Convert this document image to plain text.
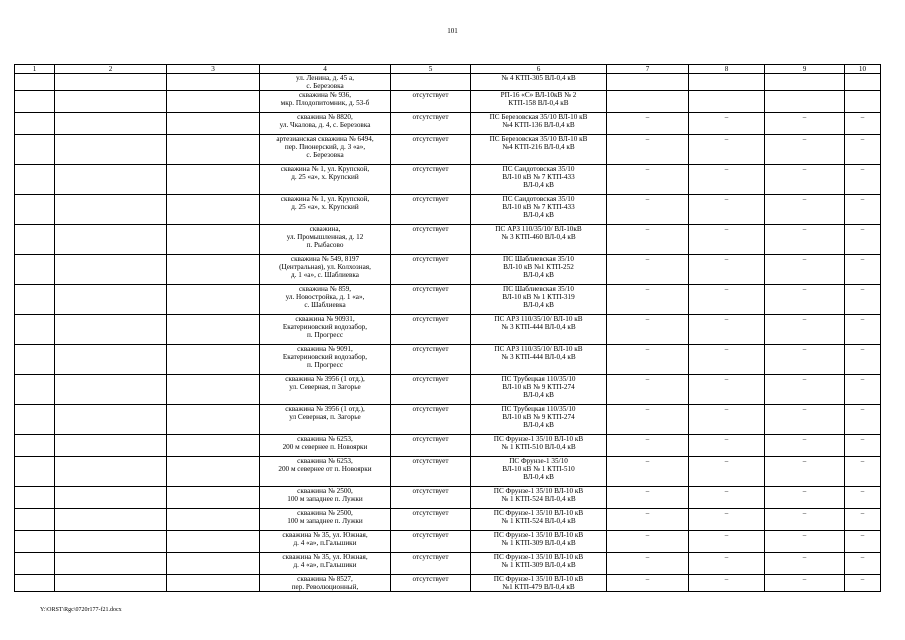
101
1	2	3	4	5	6	7	8	9	10
			ул. Ленина, д. 45 а,
с. Березовка		№ 4 КТП-305 ВЛ-0,4 кВ				
			скважина № 936,
мкр. Плодопитомник, д. 53-б	отсутствует	РП-16 «С» ВЛ-10кВ № 2
КТП-158 ВЛ-0,4 кВ				
			скважина № 8820,
ул. Чкалова, д. 4, с. Березовка	отсутствует	ПС Березовская 35/10 ВЛ-10 кВ
№4 КТП-136 ВЛ-0,4 кВ	–	–	–	–
			артезианская скважина № 6494,
пер. Пионерский, д. 3 «а»,
с. Березовка	отсутствует	ПС Березовская 35/10 ВЛ-10 кВ
№4 КТП-216 ВЛ-0,4 кВ	–	–	–	–
			скважина № 1, ул. Крупской,
д. 25 «а», х. Крупский	отсутствует	ПС Саидотовская 35/10
ВЛ-10 кВ № 7 КТП-433
ВЛ-0,4 кВ	–	–	–	–
			скважина № 1, ул. Крупской,
д. 25 «а», х. Крупский	отсутствует	ПС Саидотовская 35/10
ВЛ-10 кВ № 7 КТП-433
ВЛ-0,4 кВ	–	–	–	–
			скважина,
ул. Промышленная, д. 12
п. Рыбасово	отсутствует	ПС АРЗ 110/35/10/ ВЛ-10кВ
№ 3 КТП-460 ВЛ-0,4 кВ	–	–	–	–
			скважина № 549, 8197
(Центральная), ул. Колхозная,
д. 1 «а», с. Шаблиевка	отсутствует	ПС Шаблиевская 35/10
ВЛ-10 кВ №1 КТП-252
ВЛ-0,4 кВ	–	–	–	–
			скважина № 859,
ул. Новостройка, д. 1 «а»,
с. Шаблиевка	отсутствует	ПС Шаблиевская 35/10
ВЛ-10 кВ № 1 КТП-319
ВЛ-0,4 кВ	–	–	–	–
			скважина № 90931,
Екатериновский водозабор,
п. Прогресс	отсутствует	ПС АРЗ 110/35/10/ ВЛ-10 кВ
№ 3 КТП-444 ВЛ-0,4 кВ	–	–	–	–
			скважина № 9091,
Екатериновский водозабор,
п. Прогресс	отсутствует	ПС АРЗ 110/35/10/ ВЛ-10 кВ
№ 3 КТП-444 ВЛ-0,4 кВ	–	–	–	–
			скважина № 3956 (1 отд.),
ул. Северная, п Загорье	отсутствует	ПС Трубецкая 110/35/10
ВЛ-10 кВ № 9 КТП-274
ВЛ-0,4 кВ	–	–	–	–
			скважина № 3956 (1 отд.),
ул Северная, п. Загорье	отсутствует	ПС Трубецкая 110/35/10
ВЛ-10 кВ № 9 КТП-274
ВЛ-0,4 кВ	–	–	–	–
			скважина № 6253,
200 м севернее п. Новоярки	отсутствует	ПС Фрунзе-1 35/10 ВЛ-10 кВ
№ 1 КТП-510 ВЛ-0,4 кВ	–	–	–	–
			скважина № 6253,
200 м севернее от п. Новоярки	отсутствует	ПС Фрунзе-1 35/10
ВЛ-10 кВ № 1 КТП-510
ВЛ-0,4 кВ	–	–	–	–
			скважина № 2500,
100 м западнее п. Лужки	отсутствует	ПС Фрунзе-1 35/10 ВЛ-10 кВ
№ 1 КТП-524 ВЛ-0,4 кВ	–	–	–	–
			скважина № 2500,
100 м западнее п. Лужки	отсутствует	ПС Фрунзе-1 35/10 ВЛ-10 кВ
№ 1 КТП-524 ВЛ-0,4 кВ	–	–	–	–
			скважина № 35, ул. Южная,
д. 4 «а», п.Гальшики	отсутствует	ПС Фрунзе-1 35/10 ВЛ-10 кВ
№ 1 КТП-309 ВЛ-0,4 кВ	–	–	–	–
			скважина № 35, ул. Южная,
д. 4 «а», п.Гальшики	отсутствует	ПС Фрунзе-1 35/10 ВЛ-10 кВ
№ 1 КТП-309 ВЛ-0,4 кВ	–	–	–	–
			скважина № 8527,
пер. Революционный,	отсутствует	ПС Фрунзе-1 35/10 ВЛ-10 кВ
№1 КТП-479 ВЛ-0,4 кВ	–	–	–	–
Y:\ORST\Rgc\0720r177-f21.docx
